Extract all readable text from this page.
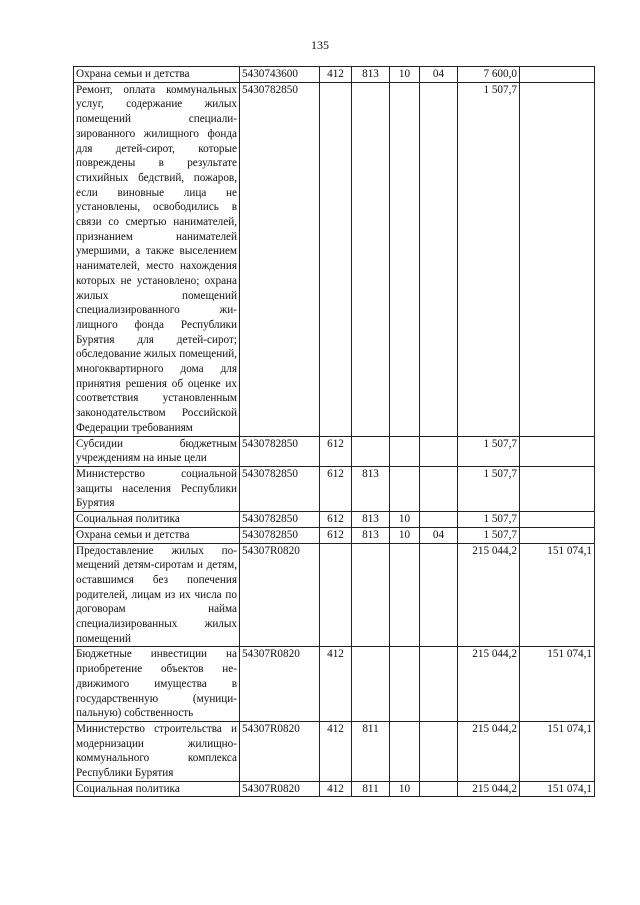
135
Охрана семьи и детства	5430743600	412	813	10	04	7 600,0	
Ремонт, оплата коммунальных услуг, содержание жилых помещений специализированного жилищного фонда для детей-сирот, которые повреждены в результате стихийных бедствий, пожаров, если виновные лица не установлены, освободились в связи со смертью нанимателей, признанием нанимателей умершими, а также выселением нанимателей, место нахождения которых не установлено; охрана жилых помещений специализированного жилищного фонда Республики Бурятия для детей-сирот; обследование жилых помещений, многоквартирного дома для принятия решения об оценке их соответствия установленным законодательством Российской Федерации требованиям	5430782850					1 507,7	
Субсидии бюджетным учреждениям на иные цели	5430782850	612				1 507,7	
Министерство социальной защиты населения Республики Бурятия	5430782850	612	813			1 507,7	
Социальная политика	5430782850	612	813	10		1 507,7	
Охрана семьи и детства	5430782850	612	813	10	04	1 507,7	
Предоставление жилых помещений детям-сиротам и детям, оставшимся без попечения родителей, лицам из их числа по договорам найма специализированных жилых помещений	54307R0820					215 044,2	151 074,1
Бюджетные инвестиции на приобретение объектов недвижимого имущества в государственную (муниципальную) собственность	54307R0820	412				215 044,2	151 074,1
Министерство строительства и модернизации жилищно-коммунального комплекса Республики Бурятия	54307R0820	412	811			215 044,2	151 074,1
Социальная политика	54307R0820	412	811	10		215 044,2	151 074,1
